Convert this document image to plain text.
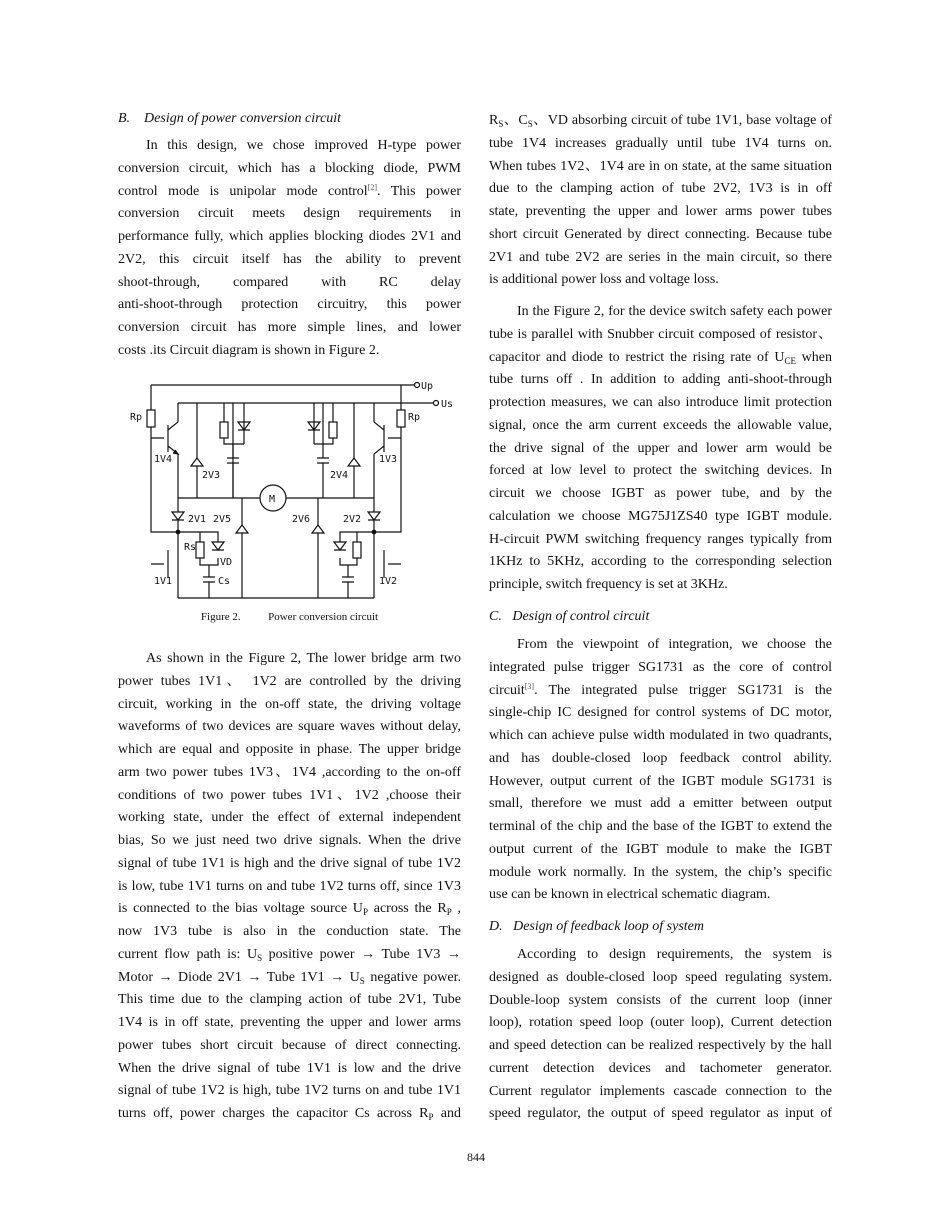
B.    Design of power conversion circuit
In this design, we chose improved H-type power
conversion circuit, which has a blocking diode, PWM
control mode is unipolar mode control[2]. This power
conversion circuit meets design requirements in
performance fully, which applies blocking diodes 2V1 and
2V2, this circuit itself has the ability to prevent
shoot-through, compared with RC delay
anti-shoot-through protection circuitry, this power
conversion circuit has more simple lines, and lower
costs .its Circuit diagram is shown in Figure 2.
Up
Us
Rp	Rp
1V4	1V3
1V1	1V2
2V1	2V2
2V3	2V4
2V5	2V6
M
Rs
VD
Cs
Figure 2.          Power conversion circuit
As shown in the Figure 2, The lower bridge arm two
power tubes 1V1、 1V2 are controlled by the driving
circuit, working in the on-off state, the driving voltage
waveforms of two devices are square waves without delay,
which are equal and opposite in phase. The upper bridge
arm two power tubes 1V3、1V4 ,according to the on-off
conditions of two power tubes 1V1、1V2 ,choose their
working state, under the effect of external independent
bias, So we just need two drive signals. When the drive
signal of tube 1V1 is high and the drive signal of tube 1V2
is low, tube 1V1 turns on and tube 1V2 turns off, since 1V3
is connected to the bias voltage source $U_P$ across the $R_P$ ,
now 1V3 tube is also in the conduction state. The
current flow path is: $U_S$ positive power → Tube 1V3 →
Motor → Diode 2V1 → Tube $1V1 \to U_S$ negative power.
This time due to the clamping action of tube 2V1, Tube
1V4 is in off state, preventing the upper and lower arms
power tubes short circuit because of direct connecting.
When the drive signal of tube 1V1 is low and the drive
signal of tube 1V2 is high, tube 1V2 turns on and tube 1V1
turns off, power charges the capacitor Cs across $R_P$ and
$R_S$、$C_S$、VD absorbing circuit of tube 1V1, base voltage of
tube 1V4 increases gradually until tube 1V4 turns on.
When tubes 1V2、1V4 are in on state, at the same situation
due to the clamping action of tube 2V2, 1V3 is in off
state, preventing the upper and lower arms power tubes
short circuit Generated by direct connecting. Because tube
2V1 and tube 2V2 are series in the main circuit, so there
is additional power loss and voltage loss.
In the Figure 2, for the device switch safety each power
tube is parallel with Snubber circuit composed of resistor、
capacitor and diode to restrict the rising rate of $U_{CE}$ when
tube turns off . In addition to adding anti-shoot-through
protection measures, we can also introduce limit protection
signal, once the arm current exceeds the allowable value,
the drive signal of the upper and lower arm would be
forced at low level to protect the switching devices. In
circuit we choose IGBT as power tube, and by the
calculation we choose MG75J1ZS40 type IGBT module.
H-circuit PWM switching frequency ranges typically from
1KHz to 5KHz, according to the corresponding selection
principle, switch frequency is set at 3KHz.
C.   Design of control circuit
From the viewpoint of integration, we choose the
integrated pulse trigger SG1731 as the core of control
circuit[3]. The integrated pulse trigger SG1731 is the
single-chip IC designed for control systems of DC motor,
which can achieve pulse width modulated in two quadrants,
and has double-closed loop feedback control ability.
However, output current of the IGBT module SG1731 is
small, therefore we must add a emitter between output
terminal of the chip and the base of the IGBT to extend the
output current of the IGBT module to make the IGBT
module work normally. In the system, the chip’s specific
use can be known in electrical schematic diagram.
D.   Design of feedback loop of system
According to design requirements, the system is
designed as double-closed loop speed regulating system.
Double-loop system consists of the current loop (inner
loop), rotation speed loop (outer loop), Current detection
and speed detection can be realized respectively by the hall
current detection devices and tachometer generator.
Current regulator implements cascade connection to the
speed regulator, the output of speed regulator as input of
844
